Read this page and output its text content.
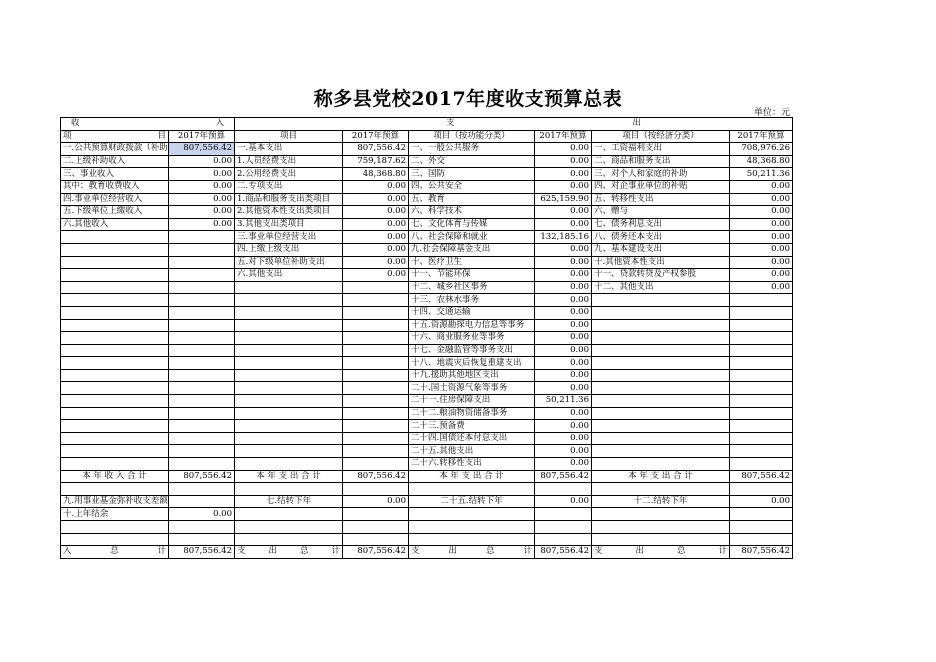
称多县党校2017年度收支预算总表
单位：元
收 入		支 出					

项 目	2017年预算	项目	2017年预算	项目（按功能分类）	2017年预算	项目（按经济分类）	2017年预算
一.公共预算财政拨款（补助	807,556.42	一.基本支出	807,556.42	一、一般公共服务	0.00	一、工资福利支出	708,976.26
二.上级补助收入	0.00	1.人员经费支出	759,187.62	二、外交	0.00	二、商品和服务支出	48,368.80
三、事业收入	0.00	2.公用经费支出	48,368.80	三、国防	0.00	三、对个人和家庭的补助	50,211.36
其中：教育收费收入	0.00	二.专项支出	0.00	四、公共安全	0.00	四、对企事业单位的补贴	0.00
四.事业单位经营收入	0.00	1.商品和服务支出类项目	0.00	五、教育	625,159.90	五、转移性支出	0.00
五.下级单位上缴收入	0.00	2.其他资本性支出类项目	0.00	六、科学技术	0.00	六、赠与	0.00
六.其他收入	0.00	3.其他支出类项目	0.00	七、文化体育与传媒	0.00	七、债务利息支出	0.00
		三.事业单位经营支出	0.00	八、社会保障和就业	132,185.16	八、债务还本支出	0.00
		四.上缴上级支出	0.00	九.社会保障基金支出	0.00	九、基本建设支出	0.00
		五.对下级单位补助支出	0.00	十、医疗卫生	0.00	十.其他资本性支出	0.00
		六.其他支出	0.00	十一、节能环保	0.00	十一、贷款转贷及产权参股	0.00
				十二、城乡社区事务	0.00	十二、其他支出	0.00
				十三、农林水事务	0.00		
				十四、交通运输	0.00		
				十五.资源勘探电力信息等事务	0.00		
				十六、商业服务业等事务	0.00		
				十七、金融监管等事务支出	0.00		
				十八、地震灾后恢复重建支出	0.00		
				十九.援助其他地区支出	0.00		
				二十.国土资源气象等事务	0.00		
				二十一.住房保障支出	50,211.36		
				二十二.粮油物资储备事务	0.00		
				二十三.预备费	0.00		
				二十四.国债还本付息支出	0.00		
				二十五.其他支出	0.00		
				二十六.转移性支出	0.00		
本 年 收 入 合 计	807,556.42	本 年 支 出 合 计	807,556.42	本 年 支 出 合 计	807,556.42	本 年 支 出 合 计	807,556.42

九.用事业基金弥补收支差额		七.结转下年	0.00	二十五.结转下年	0.00	十二.结转下年	0.00
十.上年结余	0.00						

入 总 计	807,556.42	支 出 总 计	807,556.42	支 出 总 计	807,556.42	支 出 总 计	807,556.42
